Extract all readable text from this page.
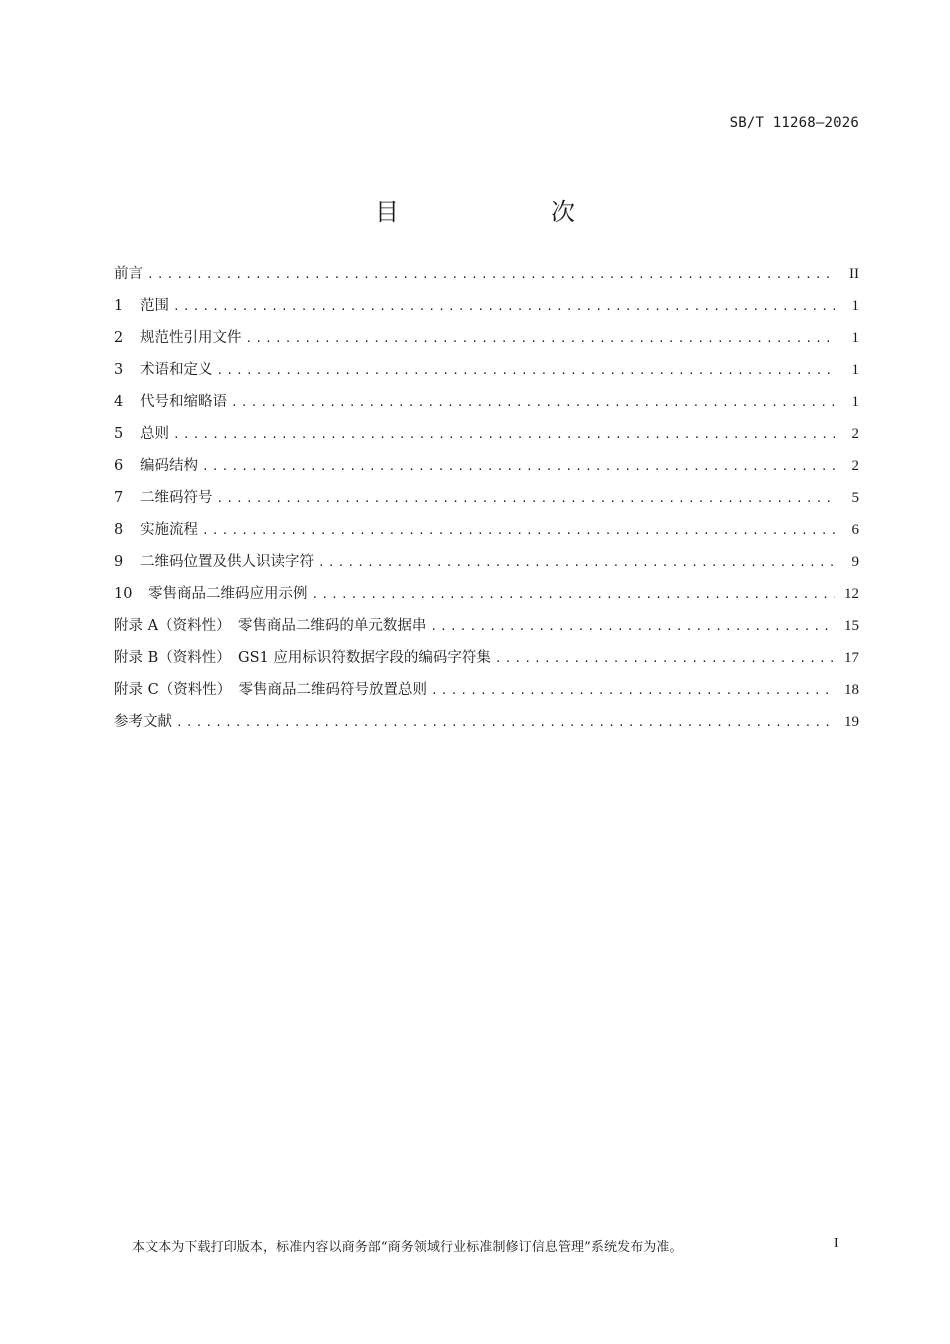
SB/T 11268—2026
目　次
前言 .....	II
1	范围 .....	1
2	规范性引用文件 .....	1
3	术语和定义 .....	1
4	代号和缩略语 .....	1
5	总则 .....	2
6	编码结构 .....	2
7	二维码符号 .....	5
8	实施流程 .....	6
9	二维码位置及供人识读字符 .....	9
10	零售商品二维码应用示例 .....	12
附录 A（资料性）　零售商品二维码的单元数据串 .....	15
附录 B（资料性）　GS1 应用标识符数据字段的编码字符集 .....	17
附录 C（资料性）　零售商品二维码符号放置总则 .....	18
参考文献 .....	19
本文本为下载打印版本，标准内容以商务部“商务领域行业标准制修订信息管理”系统发布为准。	I
